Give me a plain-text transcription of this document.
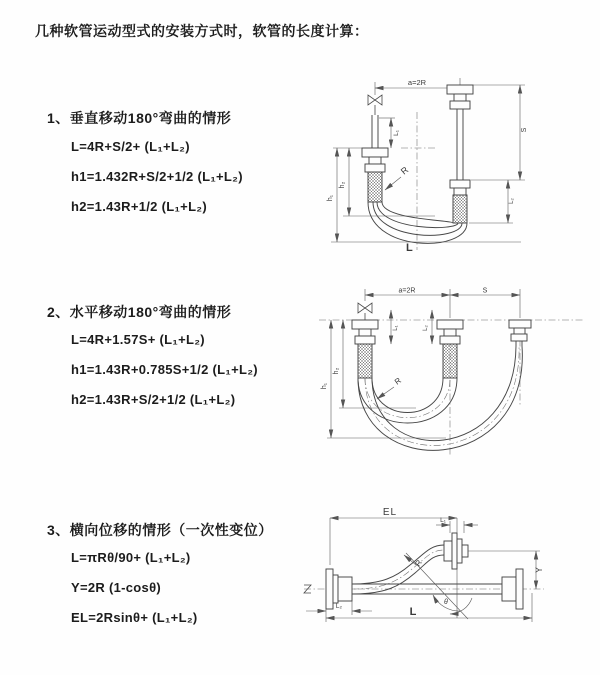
几种软管运动型式的安装方式时，软管的长度计算：
1、垂直移动180°弯曲的情形
L=4R+S/2+ (L₁+L₂)
h1=1.432R+S/2+1/2 (L₁+L₂)
h2=1.43R+1/2 (L₁+L₂)
2、水平移动180°弯曲的情形
L=4R+1.57S+ (L₁+L₂)
h1=1.43R+0.785S+1/2 (L₁+L₂)
h2=1.43R+S/2+1/2 (L₁+L₂)
3、横向位移的情形（一次性变位）
L=πRθ/90+ (L₁+L₂)
Y=2R (1-cosθ)
EL=2Rsinθ+ (L₁+L₂)
a=2R
L₁
S
L₂
h₁
h₂
R
L
a=2R	S
L₁	L₂
h₁
h₂
R
EL
L₁
Y
L₂	L
θ
R
